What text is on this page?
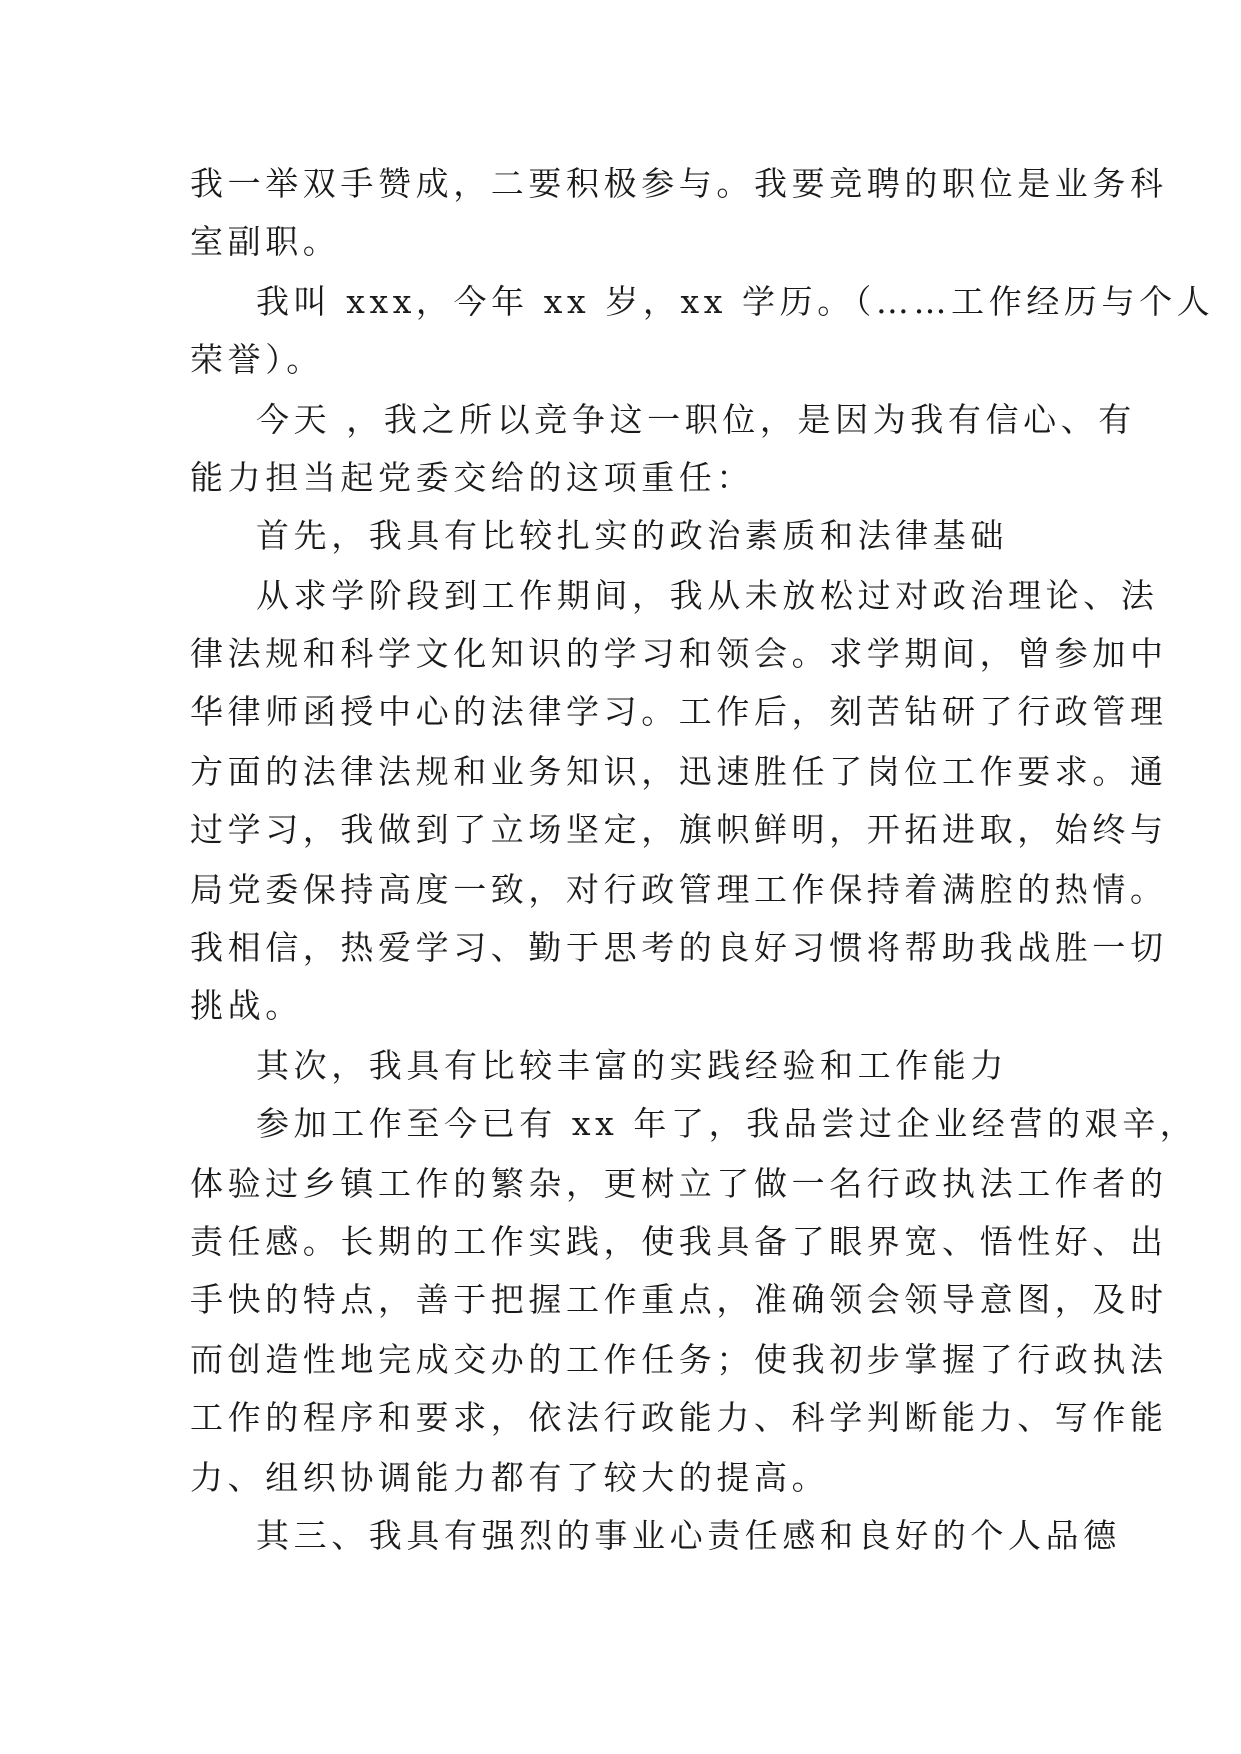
我一举双手赞成，二要积极参与。我要竞聘的职位是业务科
室副职。
我叫 xxx，今年 xx 岁，xx 学历。（……工作经历与个人
荣誉）。
今天 ，我之所以竞争这一职位，是因为我有信心、有
能力担当起党委交给的这项重任：
首先，我具有比较扎实的政治素质和法律基础
从求学阶段到工作期间，我从未放松过对政治理论、法
律法规和科学文化知识的学习和领会。求学期间，曾参加中
华律师函授中心的法律学习。工作后，刻苦钻研了行政管理
方面的法律法规和业务知识，迅速胜任了岗位工作要求。通
过学习，我做到了立场坚定，旗帜鲜明，开拓进取，始终与
局党委保持高度一致，对行政管理工作保持着满腔的热情。
我相信，热爱学习、勤于思考的良好习惯将帮助我战胜一切
挑战。
其次，我具有比较丰富的实践经验和工作能力
参加工作至今已有 xx 年了，我品尝过企业经营的艰辛，
体验过乡镇工作的繁杂，更树立了做一名行政执法工作者的
责任感。长期的工作实践，使我具备了眼界宽、悟性好、出
手快的特点，善于把握工作重点，准确领会领导意图，及时
而创造性地完成交办的工作任务；使我初步掌握了行政执法
工作的程序和要求，依法行政能力、科学判断能力、写作能
力、组织协调能力都有了较大的提高。
其三、我具有强烈的事业心责任感和良好的个人品德
